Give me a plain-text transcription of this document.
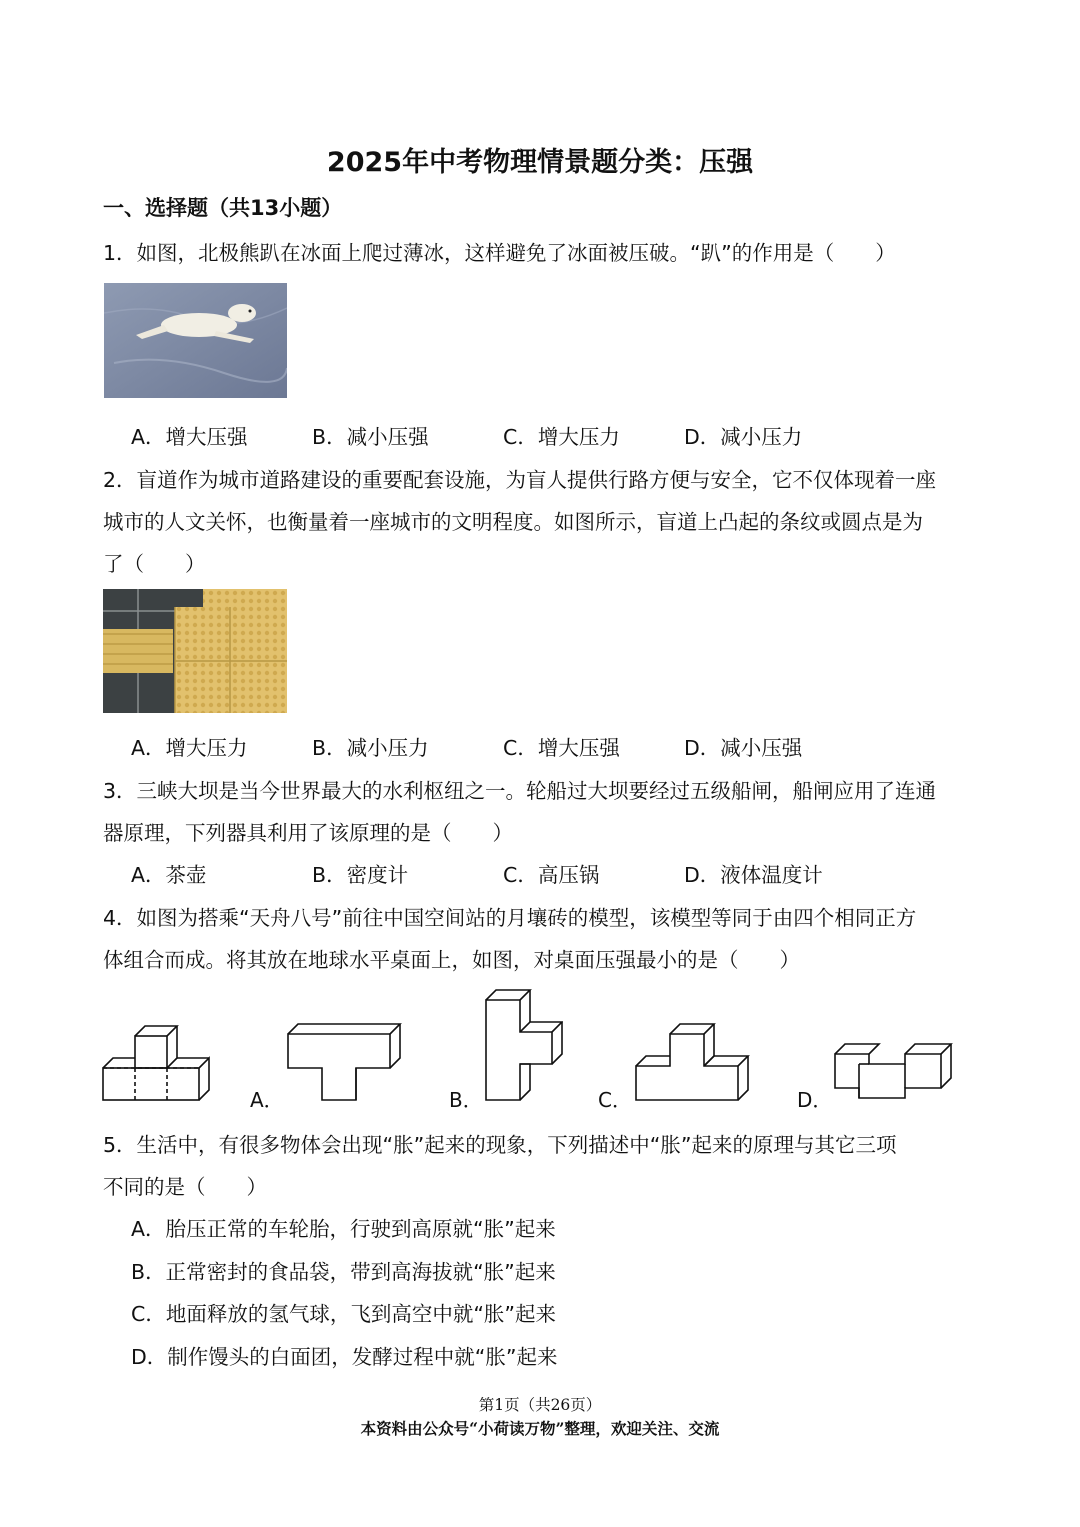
2025年中考物理情景题分类：压强
一、选择题（共13小题）
1．如图，北极熊趴在冰面上爬过薄冰，这样避免了冰面被压破。“趴”的作用是（　　）
A．增大压强	B．减小压强	C．增大压力	D．减小压力
2．盲道作为城市道路建设的重要配套设施，为盲人提供行路方便与安全，它不仅体现着一座
城市的人文关怀，也衡量着一座城市的文明程度。如图所示，盲道上凸起的条纹或圆点是为
了（　　）
A．增大压力	B．减小压力	C．增大压强	D．减小压强
3．三峡大坝是当今世界最大的水利枢纽之一。轮船过大坝要经过五级船闸，船闸应用了连通
器原理，下列器具利用了该原理的是（　　）
A．茶壶	B．密度计	C．高压锅	D．液体温度计
4．如图为搭乘“天舟八号”前往中国空间站的月壤砖的模型，该模型等同于由四个相同正方
体组合而成。将其放在地球水平桌面上，如图，对桌面压强最小的是（　　）
A．	B．	C．	D．
5．生活中，有很多物体会出现“胀”起来的现象，下列描述中“胀”起来的原理与其它三项
不同的是（　　）
A．胎压正常的车轮胎，行驶到高原就“胀”起来
B．正常密封的食品袋，带到高海拔就“胀”起来
C．地面释放的氢气球，飞到高空中就“胀”起来
D．制作馒头的白面团，发酵过程中就“胀”起来
第1页（共26页）
本资料由公众号“小荷读万物”整理，欢迎关注、交流
